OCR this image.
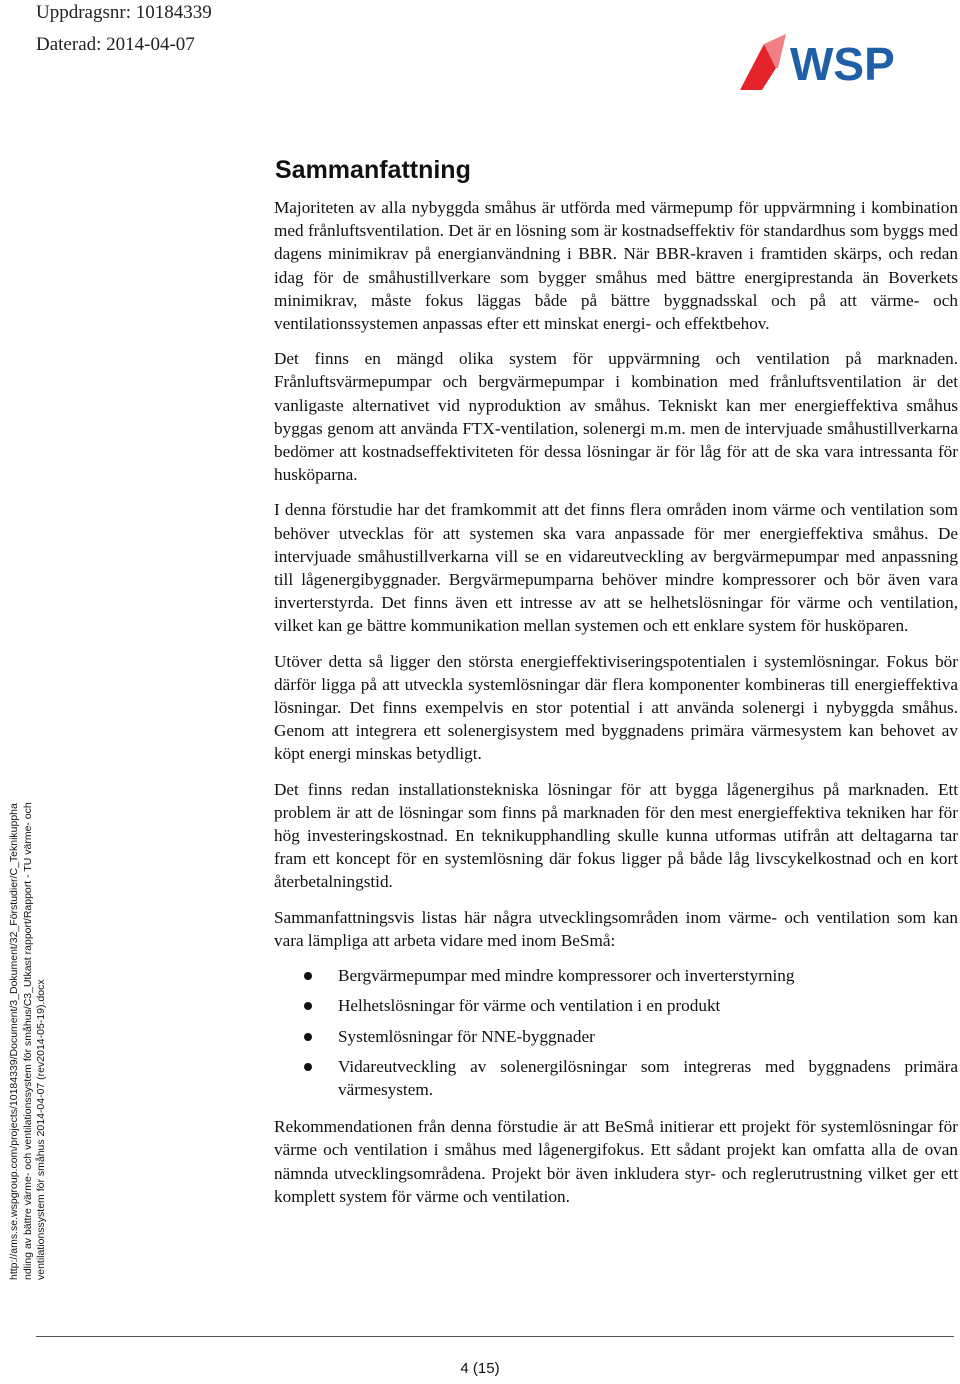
Uppdragsnr: 10184339
Daterad: 2014-04-07	WSP
Sammanfattning

Majoriteten av alla nybyggda småhus är utförda med värmepump för uppvärmning i kombination med frånluftsventilation. Det är en lösning som är kostnadseffektiv för standardhus som byggs med dagens minimikrav på energianvändning i BBR. När BBR-kraven i framtiden skärps, och redan idag för de småhustillverkare som bygger småhus med bättre energiprestanda än Boverkets minimikrav, måste fokus läggas både på bättre byggnadsskal och på att värme- och ventilationssystemen anpassas efter ett minskat energi- och effektbehov.

Det finns en mängd olika system för uppvärmning och ventilation på marknaden. Frånluftsvärmepumpar och bergvärmepumpar i kombination med frånluftsventilation är det vanligaste alternativet vid nyproduktion av småhus. Tekniskt kan mer energieffektiva småhus byggas genom att använda FTX-ventilation, solenergi m.m. men de intervjuade småhustillverkarna bedömer att kostnadseffektiviteten för dessa lösningar är för låg för att de ska vara intressanta för husköparna.

I denna förstudie har det framkommit att det finns flera områden inom värme och ventilation som behöver utvecklas för att systemen ska vara anpassade för mer energieffektiva småhus. De intervjuade småhustillverkarna vill se en vidareutveckling av bergvärmepumpar med anpassning till lågenergibyggnader. Bergvärmepumparna behöver mindre kompressorer och bör även vara inverterstyrda. Det finns även ett intresse av att se helhetslösningar för värme och ventilation, vilket kan ge bättre kommunikation mellan systemen och ett enklare system för husköparen.

Utöver detta så ligger den största energieffektiviseringspotentialen i systemlösningar. Fokus bör därför ligga på att utveckla systemlösningar där flera komponenter kombineras till energieffektiva lösningar. Det finns exempelvis en stor potential i att använda solenergi i nybyggda småhus. Genom att integrera ett solenergisystem med byggnadens primära värmesystem kan behovet av köpt energi minskas betydligt.

Det finns redan installationstekniska lösningar för att bygga lågenergihus på marknaden. Ett problem är att de lösningar som finns på marknaden för den mest energieffektiva tekniken har för hög investeringskostnad. En teknikupphandling skulle kunna utformas utifrån att deltagarna tar fram ett koncept för en systemlösning där fokus ligger på både låg livscykelkostnad och en kort återbetalningstid.

Sammanfattningsvis listas här några utvecklingsområden inom värme- och ventilation som kan vara lämpliga att arbeta vidare med inom BeSmå:

Bergvärmepumpar med mindre kompressorer och inverterstyrning
Helhetslösningar för värme och ventilation i en produkt
Systemlösningar för NNE-byggnader
Vidareutveckling av solenergilösningar som integreras med byggnadens primära värmesystem.

Rekommendationen från denna förstudie är att BeSmå initierar ett projekt för systemlösningar för värme och ventilation i småhus med lågenergifokus. Ett sådant projekt kan omfatta alla de ovan nämnda utvecklingsområdena. Projekt bör även inkludera styr- och reglerutrustning vilket ger ett komplett system för värme och ventilation.

http://ams.se.wspgroup.com/projects/10184339/Document/3_Dokument/32_Förstudier/C_Teknikupphandling av bättre värme- och ventilationssystem för småhus/C3_Utkast rapport/Rapport - TU värme- och ventilationssystem för småhus 2014-04-07 (rev2014-05-19).docx
4 (15)
